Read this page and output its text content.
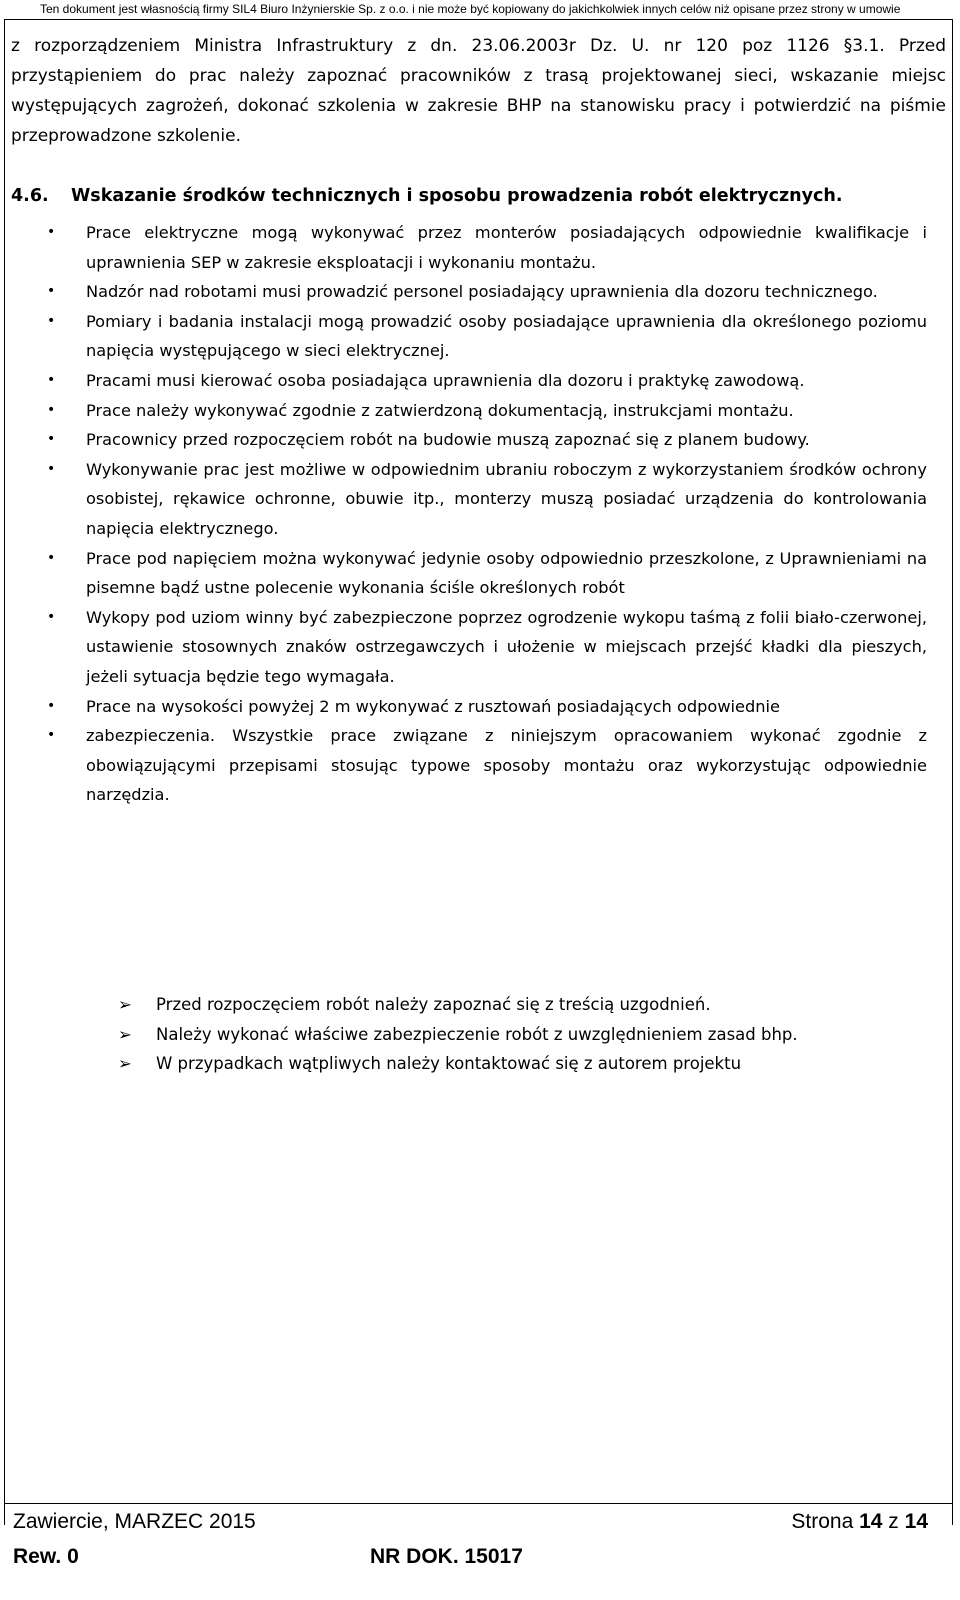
Ten dokument jest własnością firmy SIL4 Biuro Inżynierskie Sp. z o.o. i nie może być kopiowany do jakichkolwiek innych celów niż opisane przez strony w umowie

z rozporządzeniem Ministra Infrastruktury z dn. 23.06.2003r Dz. U. nr 120 poz 1126 §3.1. Przed przystąpieniem do prac należy zapoznać pracowników z trasą projektowanej sieci, wskazanie miejsc występujących zagrożeń, dokonać szkolenia w zakresie BHP na stanowisku pracy i potwierdzić na piśmie przeprowadzone szkolenie.

4.6. Wskazanie środków technicznych i sposobu prowadzenia robót elektrycznych.
• Prace elektryczne mogą wykonywać przez monterów posiadających odpowiednie kwalifikacje i uprawnienia SEP w zakresie eksploatacji i wykonaniu montażu.
• Nadzór nad robotami musi prowadzić personel posiadający uprawnienia dla dozoru technicznego.
• Pomiary i badania instalacji mogą prowadzić osoby posiadające uprawnienia dla określonego poziomu napięcia występującego w sieci elektrycznej.
• Pracami musi kierować osoba posiadająca uprawnienia dla dozoru i praktykę zawodową.
• Prace należy wykonywać zgodnie z zatwierdzoną dokumentacją, instrukcjami montażu.
• Pracownicy przed rozpoczęciem robót na budowie muszą zapoznać się z planem budowy.
• Wykonywanie prac jest możliwe w odpowiednim ubraniu roboczym z wykorzystaniem środków ochrony osobistej, rękawice ochronne, obuwie itp., monterzy muszą posiadać urządzenia do kontrolowania napięcia elektrycznego.
• Prace pod napięciem można wykonywać jedynie osoby odpowiednio przeszkolone, z Uprawnieniami na pisemne bądź ustne polecenie wykonania ściśle określonych robót
• Wykopy pod uziom winny być zabezpieczone poprzez ogrodzenie wykopu taśmą z folii biało-czerwonej, ustawienie stosownych znaków ostrzegawczych i ułożenie w miejscach przejść kładki dla pieszych, jeżeli sytuacja będzie tego wymagała.
• Prace na wysokości powyżej 2 m wykonywać z rusztowań posiadających odpowiednie
• zabezpieczenia. Wszystkie prace związane z niniejszym opracowaniem wykonać zgodnie z obowiązującymi przepisami stosując typowe sposoby montażu oraz wykorzystując odpowiednie narzędzia.
➢ Przed rozpoczęciem robót należy zapoznać się z treścią uzgodnień.
➢ Należy wykonać właściwe zabezpieczenie robót z uwzględnieniem zasad bhp.
➢ W przypadkach wątpliwych należy kontaktować się z autorem projektu
Zawiercie, MARZEC 2015	Strona 14 z 14
Rew. 0	NR DOK. 15017
